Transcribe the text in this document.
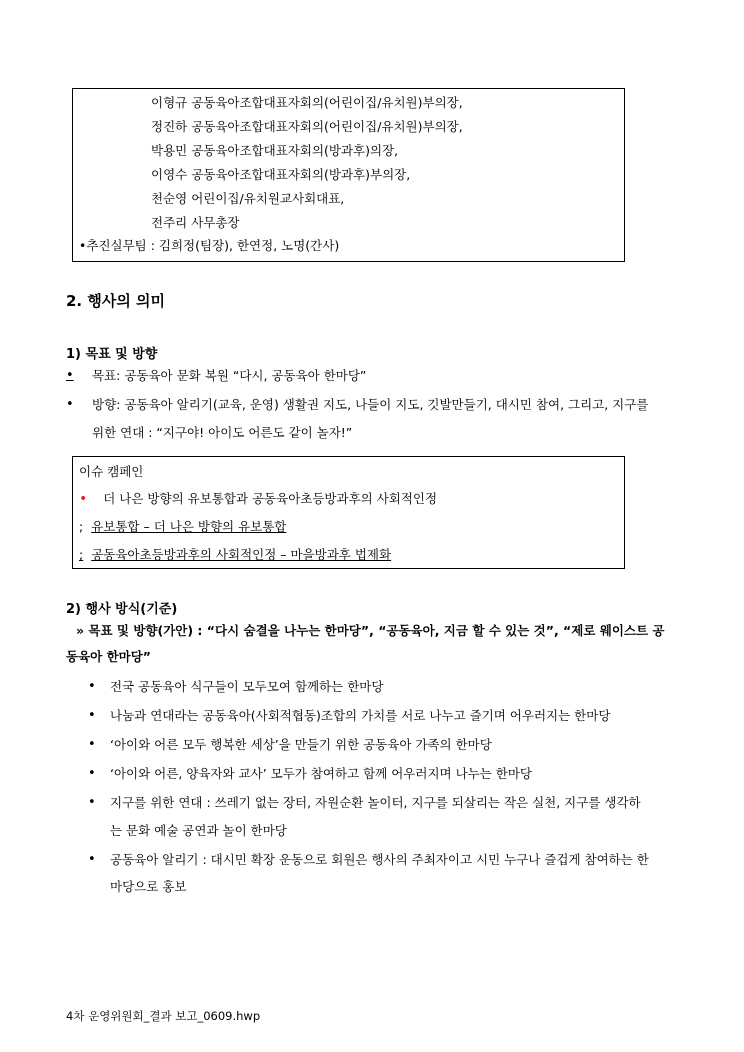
이형규 공동육아조합대표자회의(어린이집/유치원)부의장,
정진하 공동육아조합대표자회의(어린이집/유치원)부의장,
박용민 공동육아조합대표자회의(방과후)의장,
이영수 공동육아조합대표자회의(방과후)부의장,
천순영 어린이집/유치원교사회대표,
전주리 사무총장
•추진실무팀 : 김희정(팀장), 한연정, 노명(간사)
2. 행사의 의미
1) 목표 및 방향
• 목표: 공동육아 문화 복원 “다시, 공동육아 한마당”
• 방향: 공동육아 알리기(교육, 운영) 생활권 지도, 나들이 지도, 깃발만들기, 대시민 참여, 그리고, 지구를
위한 연대 : “지구야! 아이도 어른도 같이 놀자!”
이슈 캠페인
• 더 나은 방향의 유보통합과 공동육아초등방과후의 사회적인정
; 유보통합 – 더 나은 방향의 유보통합
; 공동육아초등방과후의 사회적인정 – 마을방과후 법제화
2) 행사 방식(기준)
» 목표 및 방향(가안) : “다시 숨결을 나누는 한마당”, “공동육아, 지금 할 수 있는 것”, “제로 웨이스트 공
동육아 한마당”
• 전국 공동육아 식구들이 모두모여 함께하는 한마당
• 나눔과 연대라는 공동육아(사회적협동)조합의 가치를 서로 나누고 즐기며 어우러지는 한마당
• ‘아이와 어른 모두 행복한 세상’을 만들기 위한 공동육아 가족의 한마당
• ‘아이와 어른, 양육자와 교사’ 모두가 참여하고 함께 어우러지며 나누는 한마당
• 지구를 위한 연대 : 쓰레기 없는 장터, 자원순환 놀이터, 지구를 되살리는 작은 실천, 지구를 생각하
는 문화 예술 공연과 놀이 한마당
• 공동육아 알리기 : 대시민 확장 운동으로 회원은 행사의 주최자이고 시민 누구나 즐겁게 참여하는 한
마당으로 홍보
4차 운영위원회_결과 보고_0609.hwp
